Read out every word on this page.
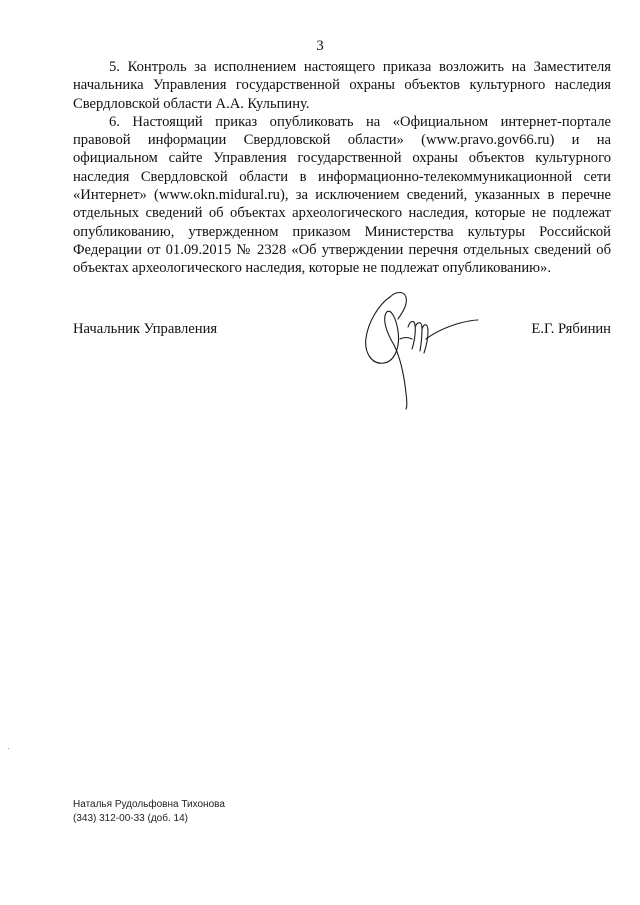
3

5. Контроль за исполнением настоящего приказа возложить на Заместителя начальника Управления государственной охраны объектов культурного наследия Свердловской области А.А. Кульпину.

6. Настоящий приказ опубликовать на «Официальном интернет-портале правовой информации Свердловской области» (www.pravo.gov66.ru) и на официальном сайте Управления государственной охраны объектов культурного наследия Свердловской области в информационно-телекоммуникационной сети «Интернет» (www.okn.midural.ru), за исключением сведений, указанных в перечне отдельных сведений об объектах археологического наследия, которые не подлежат опубликованию, утвержденном приказом Министерства культуры Российской Федерации от 01.09.2015 № 2328 «Об утверждении перечня отдельных сведений об объектах археологического наследия, которые не подлежат опубликованию».

Начальник Управления	Е.Г. Рябинин
Наталья Рудольфовна Тихонова
(343) 312-00-33 (доб. 14)
